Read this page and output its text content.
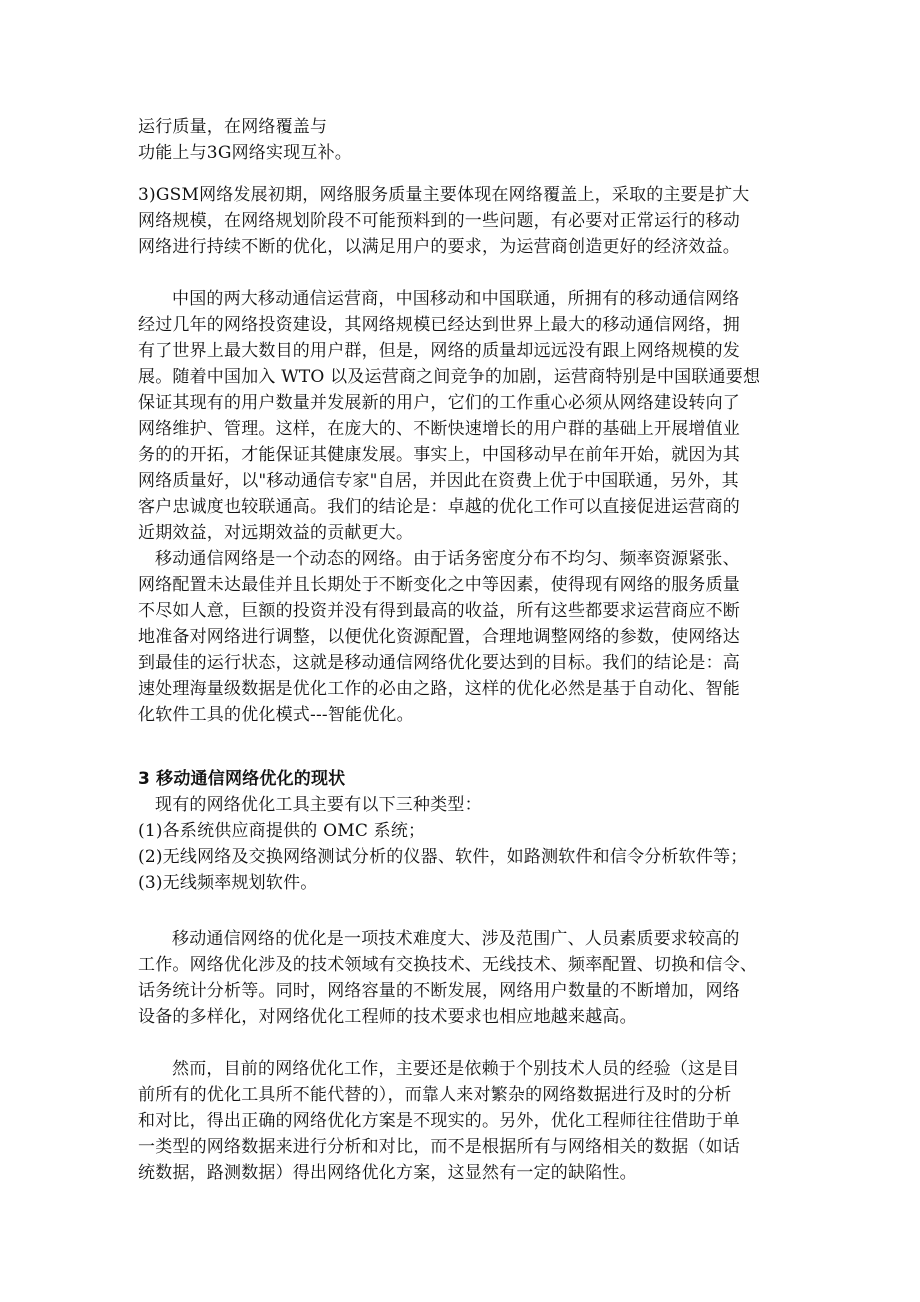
运行质量，在网络覆盖与
功能上与3G网络实现互补。
3)GSM网络发展初期，网络服务质量主要体现在网络覆盖上，采取的主要是扩大
网络规模，在网络规划阶段不可能预料到的一些问题，有必要对正常运行的移动
网络进行持续不断的优化，以满足用户的要求，为运营商创造更好的经济效益。
中国的两大移动通信运营商，中国移动和中国联通，所拥有的移动通信网络
经过几年的网络投资建设，其网络规模已经达到世界上最大的移动通信网络，拥
有了世界上最大数目的用户群，但是，网络的质量却远远没有跟上网络规模的发
展。随着中国加入 WTO 以及运营商之间竞争的加剧，运营商特别是中国联通要想
保证其现有的用户数量并发展新的用户，它们的工作重心必须从网络建设转向了
网络维护、管理。这样，在庞大的、不断快速增长的用户群的基础上开展增值业
务的的开拓，才能保证其健康发展。事实上，中国移动早在前年开始，就因为其
网络质量好，以"移动通信专家"自居，并因此在资费上优于中国联通，另外，其
客户忠诚度也较联通高。我们的结论是：卓越的优化工作可以直接促进运营商的
近期效益，对远期效益的贡献更大。
移动通信网络是一个动态的网络。由于话务密度分布不均匀、频率资源紧张、
网络配置未达最佳并且长期处于不断变化之中等因素，使得现有网络的服务质量
不尽如人意，巨额的投资并没有得到最高的收益，所有这些都要求运营商应不断
地准备对网络进行调整，以便优化资源配置，合理地调整网络的参数，使网络达
到最佳的运行状态，这就是移动通信网络优化要达到的目标。我们的结论是：高
速处理海量级数据是优化工作的必由之路，这样的优化必然是基于自动化、智能
化软件工具的优化模式---智能优化。
3 移动通信网络优化的现状
现有的网络优化工具主要有以下三种类型：
(1)各系统供应商提供的 OMC 系统；
(2)无线网络及交换网络测试分析的仪器、软件，如路测软件和信令分析软件等；
(3)无线频率规划软件。
移动通信网络的优化是一项技术难度大、涉及范围广、人员素质要求较高的
工作。网络优化涉及的技术领域有交换技术、无线技术、频率配置、切换和信令、
话务统计分析等。同时，网络容量的不断发展，网络用户数量的不断增加，网络
设备的多样化，对网络优化工程师的技术要求也相应地越来越高。
然而，目前的网络优化工作，主要还是依赖于个别技术人员的经验（这是目
前所有的优化工具所不能代替的），而靠人来对繁杂的网络数据进行及时的分析
和对比，得出正确的网络优化方案是不现实的。另外，优化工程师往往借助于单
一类型的网络数据来进行分析和对比，而不是根据所有与网络相关的数据（如话
统数据，路测数据）得出网络优化方案，这显然有一定的缺陷性。
